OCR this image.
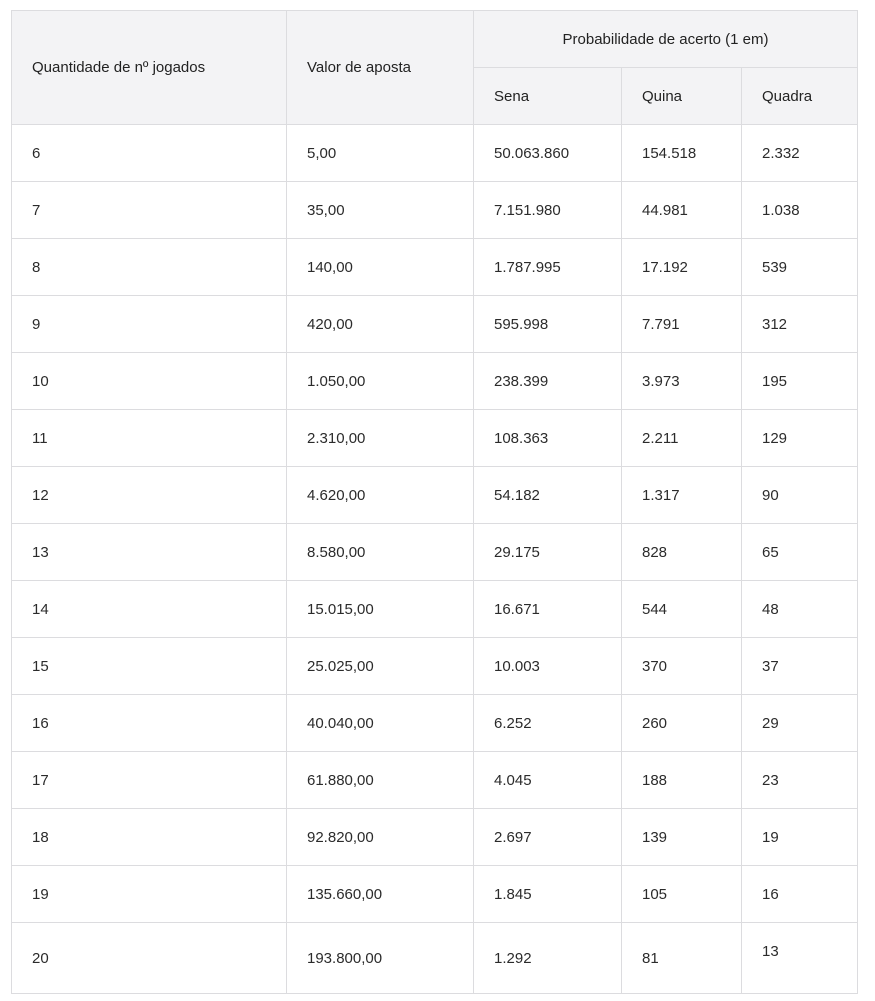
Quantidade de nº jogados	Valor de aposta	Probabilidade de acerto (1 em)		
		Sena	Quina	Quadra
6	5,00	50.063.860	154.518	2.332
7	35,00	7.151.980	44.981	1.038
8	140,00	1.787.995	17.192	539
9	420,00	595.998	7.791	312
10	1.050,00	238.399	3.973	195
11	2.310,00	108.363	2.211	129
12	4.620,00	54.182	1.317	90
13	8.580,00	29.175	828	65
14	15.015,00	16.671	544	48
15	25.025,00	10.003	370	37
16	40.040,00	6.252	260	29
17	61.880,00	4.045	188	23
18	92.820,00	2.697	139	19
19	135.660,00	1.845	105	16
20	193.800,00	1.292	81	13
